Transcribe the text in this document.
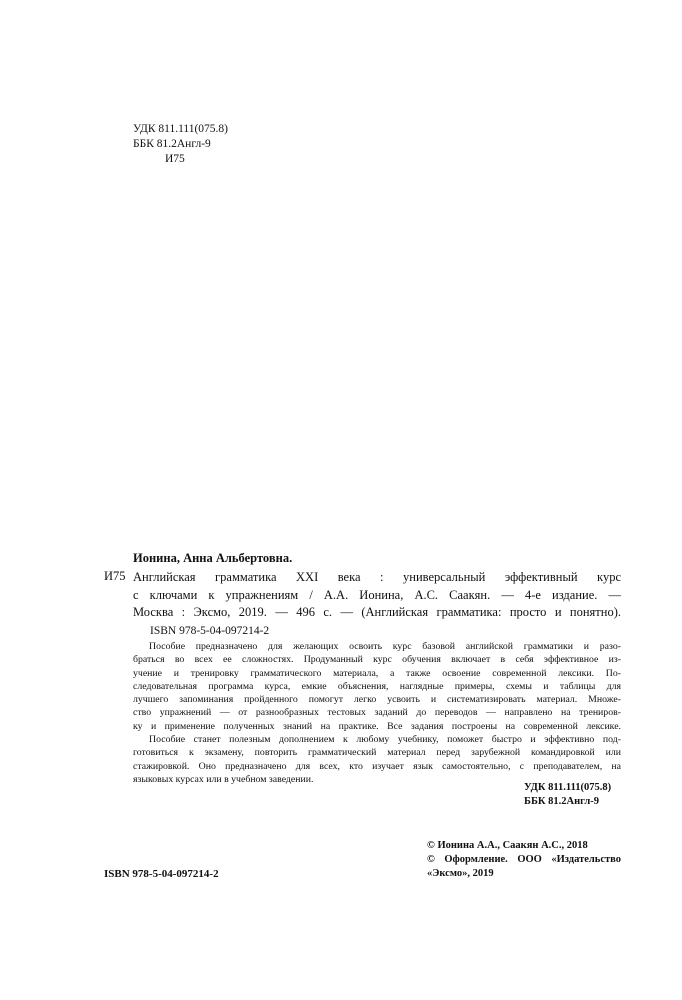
УДК 811.111(075.8)
ББК 81.2Англ-9
И75
Ионина, Анна Альбертовна.
И75 Английская грамматика XXI века : универсальный эффективный курс
с ключами к упражнениям / А.А. Ионина, А.С. Саакян. — 4-е издание. —
Москва : Эксмо, 2019. — 496 с. — (Английская грамматика: просто и понятно).
ISBN 978-5-04-097214-2
Пособие предназначено для желающих освоить курс базовой английской грамматики и разо-
браться во всех ее сложностях. Продуманный курс обучения включает в себя эффективное из-
учение и тренировку грамматического материала, а также освоение современной лексики. По-
следовательная программа курса, емкие объяснения, наглядные примеры, схемы и таблицы для
лучшего запоминания пройденного помогут легко усвоить и систематизировать материал. Множе-
ство упражнений — от разнообразных тестовых заданий до переводов — направлено на трениров-
ку и применение полученных знаний на практике. Все задания построены на современной лексике.
Пособие станет полезным дополнением к любому учебнику, поможет быстро и эффективно под-
готовиться к экзамену, повторить грамматический материал перед зарубежной командировкой или
стажировкой. Оно предназначено для всех, кто изучает язык самостоятельно, с преподавателем, на
языковых курсах или в учебном заведении.
УДК 811.111(075.8)
ББК 81.2Англ-9
© Ионина А.А., Саакян А.С., 2018
© Оформление. ООО «Издательство
«Эксмо», 2019
ISBN 978-5-04-097214-2
